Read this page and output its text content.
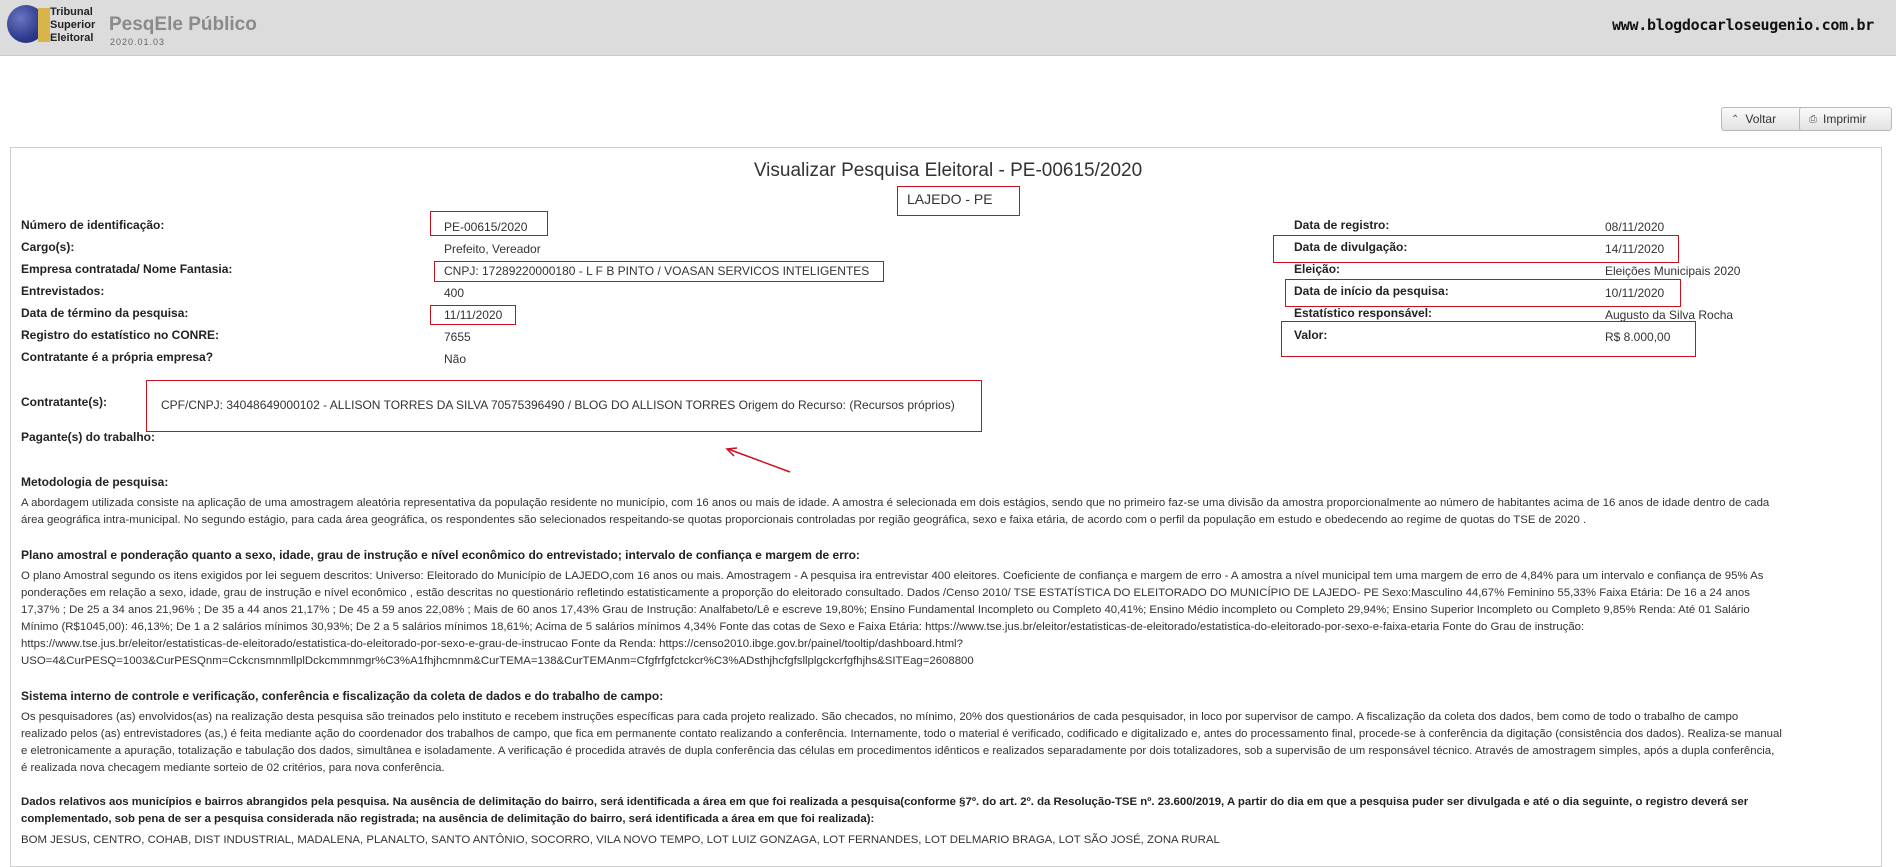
Tribunal
Superior
Eleitoral
PesqEle Público
2020.01.03
www.blogdocarloseugenio.com.br
⌃ Voltar	⎙ Imprimir
Visualizar Pesquisa Eleitoral - PE-00615/2020
LAJEDO - PE
Número de identificação:	PE-00615/2020
Cargo(s):	Prefeito, Vereador
Empresa contratada/ Nome Fantasia:	CNPJ: 17289220000180 - L F B PINTO / VOASAN SERVICOS INTELIGENTES
Entrevistados:	400
Data de término da pesquisa:	11/11/2020
Registro do estatístico no CONRE:	7655
Contratante é a própria empresa?	Não
Data de registro:	08/11/2020
Data de divulgação:	14/11/2020
Eleição:	Eleições Municipais 2020
Data de início da pesquisa:	10/11/2020
Estatístico responsável:	Augusto da Silva Rocha
Valor:	R$ 8.000,00
Contratante(s):	CPF/CNPJ: 34048649000102 - ALLISON TORRES DA SILVA 70575396490 / BLOG DO ALLISON TORRES Origem do Recurso: (Recursos próprios)
Pagante(s) do trabalho:
Metodologia de pesquisa:
A abordagem utilizada consiste na aplicação de uma amostragem aleatória representativa da população residente no município, com 16 anos ou mais de idade. A amostra é selecionada em dois estágios, sendo que no primeiro faz-se uma divisão da amostra proporcionalmente ao número de habitantes acima de 16 anos de idade dentro de cada
área geográfica intra-municipal. No segundo estágio, para cada área geográfica, os respondentes são selecionados respeitando-se quotas proporcionais controladas por região geográfica, sexo e faixa etária, de acordo com o perfil da população em estudo e obedecendo ao regime de quotas do TSE de 2020 .
Plano amostral e ponderação quanto a sexo, idade, grau de instrução e nível econômico do entrevistado; intervalo de confiança e margem de erro:
O plano Amostral segundo os itens exigidos por lei seguem descritos: Universo: Eleitorado do Município de LAJEDO,com 16 anos ou mais. Amostragem - A pesquisa ira entrevistar 400 eleitores. Coeficiente de confiança e margem de erro - A amostra a nível municipal tem uma margem de erro de 4,84% para um intervalo e confiança de 95% As
ponderações em relação a sexo, idade, grau de instrução e nível econômico , estão descritas no questionário refletindo estatisticamente a proporção do eleitorado consultado. Dados /Censo 2010/ TSE ESTATÍSTICA DO ELEITORADO DO MUNICÍPIO DE LAJEDO- PE Sexo:Masculino 44,67% Feminino 55,33% Faixa Etária: De 16 a 24 anos
17,37% ; De 25 a 34 anos 21,96% ; De 35 a 44 anos 21,17% ; De 45 a 59 anos 22,08% ; Mais de 60 anos 17,43% Grau de Instrução: Analfabeto/Lê e escreve 19,80%; Ensino Fundamental Incompleto ou Completo 40,41%; Ensino Médio incompleto ou Completo 29,94%; Ensino Superior Incompleto ou Completo 9,85% Renda: Até 01 Salário
Mínimo (R$1045,00): 46,13%; De 1 a 2 salários mínimos 30,93%; De 2 a 5 salários mínimos 18,61%; Acima de 5 salários mínimos 4,34% Fonte das cotas de Sexo e Faixa Etária: https://www.tse.jus.br/eleitor/estatisticas-de-eleitorado/estatistica-do-eleitorado-por-sexo-e-faixa-etaria Fonte do Grau de instrução:
https://www.tse.jus.br/eleitor/estatisticas-de-eleitorado/estatistica-do-eleitorado-por-sexo-e-grau-de-instrucao Fonte da Renda: https://censo2010.ibge.gov.br/painel/tooltip/dashboard.html?
USO=4&CurPESQ=1003&CurPESQnm=CckcnsmnmllplDckcmmnmgr%C3%A1fhjhcmnm&CurTEMA=138&CurTEMAnm=Cfgfrfgfctckcr%C3%ADsthjhcfgfsllplgckcrfgfhjhs&SITEag=2608800
Sistema interno de controle e verificação, conferência e fiscalização da coleta de dados e do trabalho de campo:
Os pesquisadores (as) envolvidos(as) na realização desta pesquisa são treinados pelo instituto e recebem instruções específicas para cada projeto realizado. São checados, no mínimo, 20% dos questionários de cada pesquisador, in loco por supervisor de campo. A fiscalização da coleta dos dados, bem como de todo o trabalho de campo
realizado pelos (as) entrevistadores (as,) é feita mediante ação do coordenador dos trabalhos de campo, que fica em permanente contato realizando a conferência. Internamente, todo o material é verificado, codificado e digitalizado e, antes do processamento final, procede-se à conferência da digitação (consistência dos dados). Realiza-se manual
e eletronicamente a apuração, totalização e tabulação dos dados, simultânea e isoladamente. A verificação é procedida através de dupla conferência das células em procedimentos idênticos e realizados separadamente por dois totalizadores, sob a supervisão de um responsável técnico. Através de amostragem simples, após a dupla conferência,
é realizada nova checagem mediante sorteio de 02 critérios, para nova conferência.
Dados relativos aos municípios e bairros abrangidos pela pesquisa. Na ausência de delimitação do bairro, será identificada a área em que foi realizada a pesquisa(conforme §7º. do art. 2º. da Resolução-TSE nº. 23.600/2019, A partir do dia em que a pesquisa puder ser divulgada e até o dia seguinte, o registro deverá ser
complementado, sob pena de ser a pesquisa considerada não registrada; na ausência de delimitação do bairro, será identificada a área em que foi realizada):
BOM JESUS, CENTRO, COHAB, DIST INDUSTRIAL, MADALENA, PLANALTO, SANTO ANTÔNIO, SOCORRO, VILA NOVO TEMPO, LOT LUIZ GONZAGA, LOT FERNANDES, LOT DELMARIO BRAGA, LOT SÃO JOSÉ, ZONA RURAL
